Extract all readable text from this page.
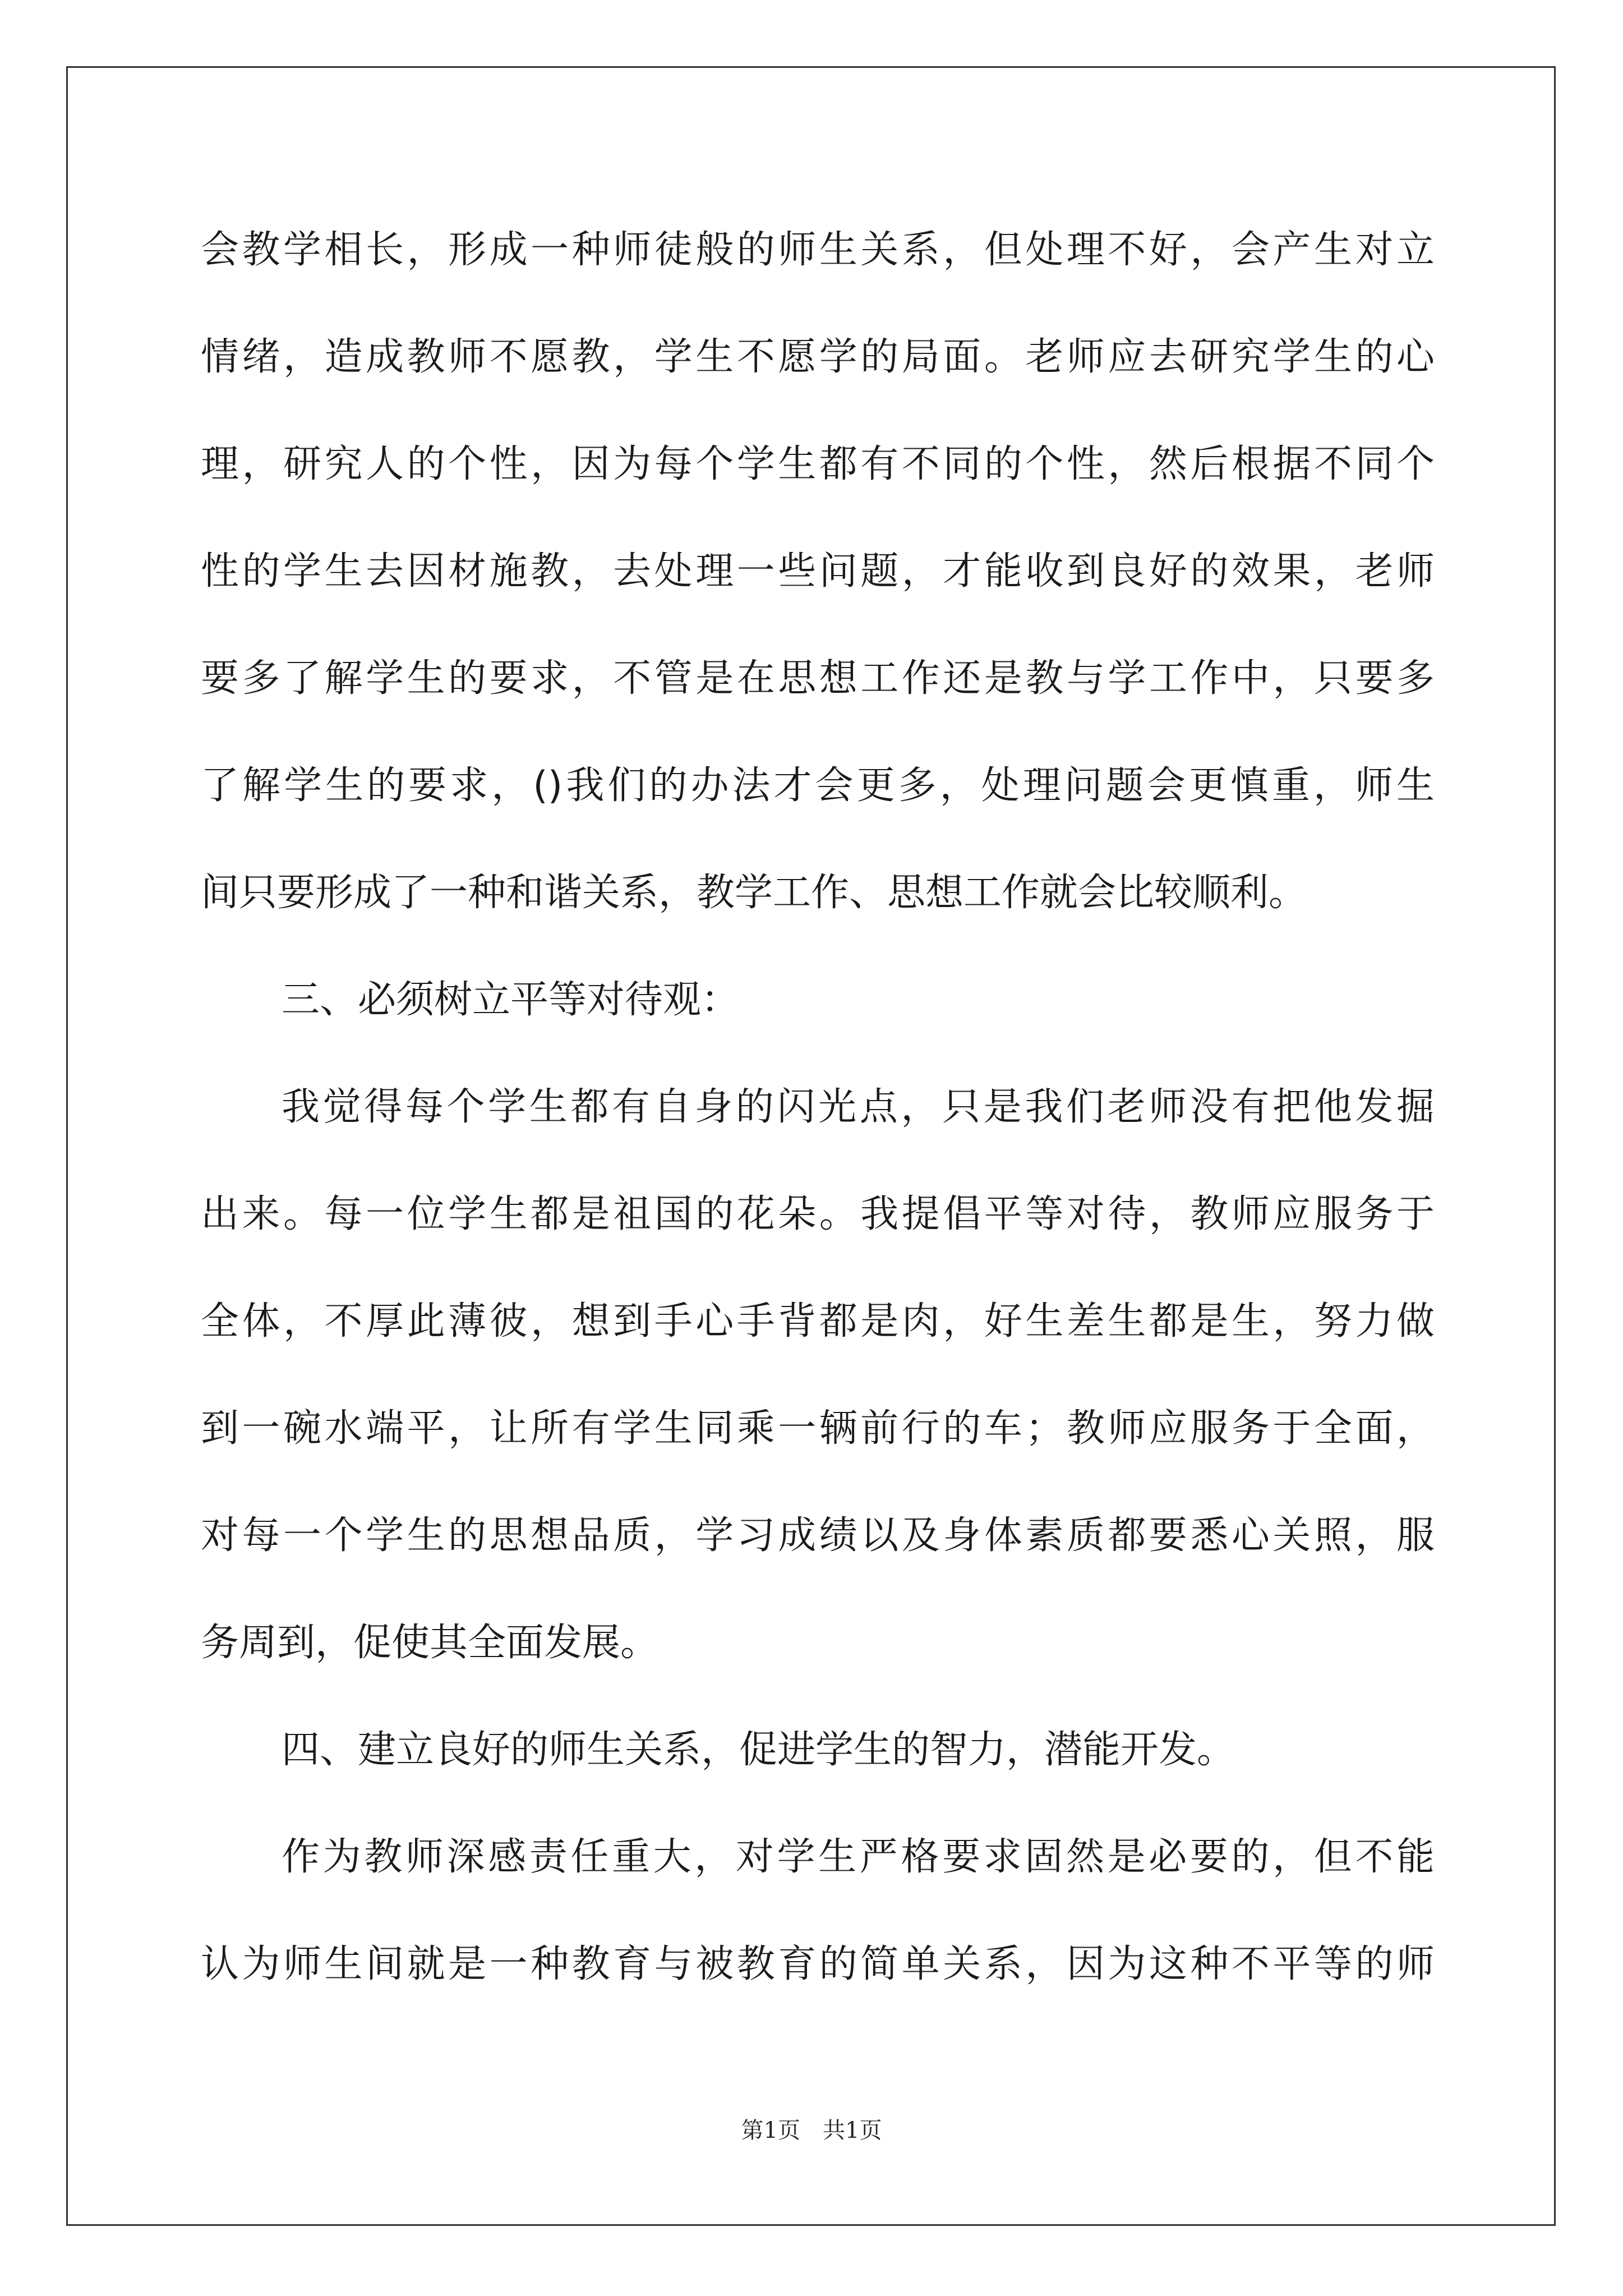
会教学相长，形成一种师徒般的师生关系，但处理不好，会产生对立
情绪，造成教师不愿教，学生不愿学的局面。老师应去研究学生的心
理，研究人的个性，因为每个学生都有不同的个性，然后根据不同个
性的学生去因材施教，去处理一些问题，才能收到良好的效果，老师
要多了解学生的要求，不管是在思想工作还是教与学工作中，只要多
了解学生的要求，()我们的办法才会更多，处理问题会更慎重，师生
间只要形成了一种和谐关系，教学工作、思想工作就会比较顺利。
三、必须树立平等对待观：
我觉得每个学生都有自身的闪光点，只是我们老师没有把他发掘
出来。每一位学生都是祖国的花朵。我提倡平等对待，教师应服务于
全体，不厚此薄彼，想到手心手背都是肉，好生差生都是生，努力做
到一碗水端平，让所有学生同乘一辆前行的车；教师应服务于全面，
对每一个学生的思想品质，学习成绩以及身体素质都要悉心关照，服
务周到，促使其全面发展。
四、建立良好的师生关系，促进学生的智力，潜能开发。
作为教师深感责任重大，对学生严格要求固然是必要的，但不能
认为师生间就是一种教育与被教育的简单关系，因为这种不平等的师
第1页　共1页
